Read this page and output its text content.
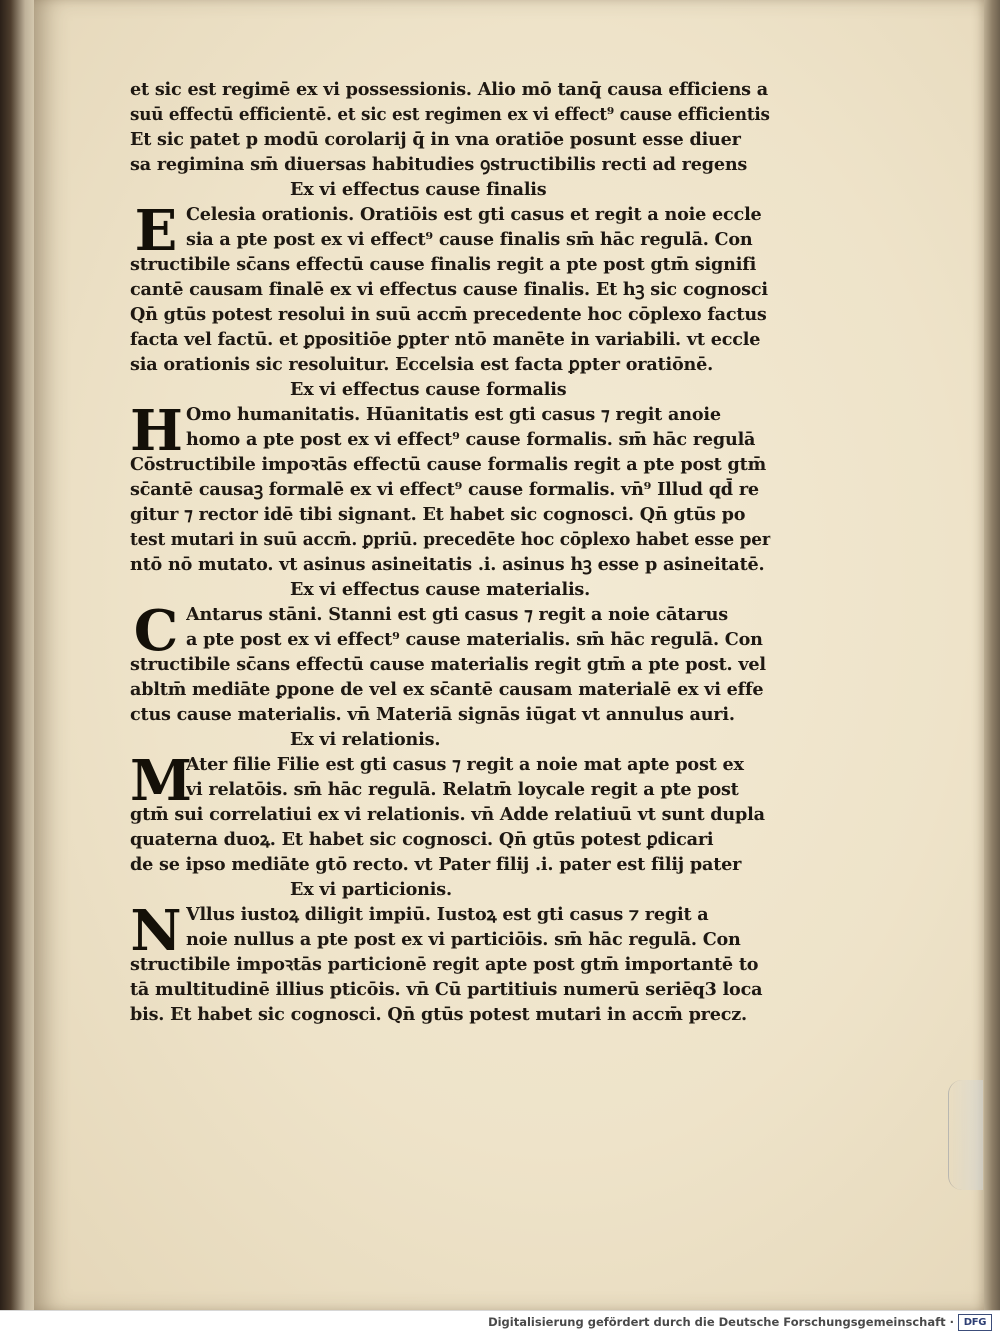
et sic est regimē ex vi possessionis. Alio mō tanq̄ causa efficiens a
suū effectū efficientē. et sic est regimen ex vi effect⁹ cause efficientis
Et sic patet p modū corolarij q̄ in vna oratiōe posunt esse diuer
sa regimina sm̄ diuersas habitudies ꝯstructibilis recti ad regens
Ex vi effectus cause finalis
E Celesia orationis. Oratiōis est gti casus et regit a noie eccle
sia a pte post ex vi effect⁹ cause finalis sm̄ hāc regulā. Con
structibile sc̄ans effectū cause finalis regit a pte post gtm̄ signifi
cantē causam finalē ex vi effectus cause finalis. Et hꝫ sic cognosci
Qn̄ gtūs potest resolui in suū accm̄ precedente hoc cōplexo factus
facta vel factū. et ꝑpositiōe ꝑpter ntō manēte in variabili. vt eccle
sia orationis sic resoluitur. Eccelsia est facta ꝑpter oratiōnē.
Ex vi effectus cause formalis
H Omo humanitatis. Hūanitatis est gti casus ⁊ regit anoie
homo a pte post ex vi effect⁹ cause formalis. sm̄ hāc regulā
Cōstructibile impoꝛtās effectū cause formalis regit a pte post gtm̄
sc̄antē causaꝫ formalē ex vi effect⁹ cause formalis. vn̄⁹ Illud qd̄ re
gitur ⁊ rector idē tibi signant. Et habet sic cognosci. Qn̄ gtūs po
test mutari in suū accm̄. ꝑpriū. precedēte hoc cōplexo habet esse per
ntō nō mutato. vt asinus asineitatis .i. asinus hꝫ esse p asineitatē.
Ex vi effectus cause materialis.
C Antarus stāni. Stanni est gti casus ⁊ regit a noie cātarus
a pte post ex vi effect⁹ cause materialis. sm̄ hāc regulā. Con
structibile sc̄ans effectū cause materialis regit gtm̄ a pte post. vel
abltm̄ mediāte ꝑpone de vel ex sc̄antē causam materialē ex vi effe
ctus cause materialis. vn̄ Materiā signās iūgat vt annulus auri.
Ex vi relationis.
M
Ater filie Filie est gti casus ⁊ regit a noie mat apte post ex
vi relatōis. sm̄ hāc regulā. Relatm̄ loycale regit a pte post
gtm̄ sui correlatiui ex vi relationis. vn̄ Adde relatiuū vt sunt dupla
quaterna duoꝝ. Et habet sic cognosci. Qn̄ gtūs potest ꝑdicari
de se ipso mediāte gtō recto. vt Pater filij .i. pater est filij pater
Ex vi particionis.
N Vllus iustoꝝ diligit impiū. Iustoꝝ est gti casus ⁊ regit a
noie nullus a pte post ex vi particiōis. sm̄ hāc regulā. Con
structibile impoꝛtās particionē regit apte post gtm̄ importantē to
tā multitudinē illius pticōis. vn̄ Cū partitiuis numerū seriēq3 loca
bis. Et habet sic cognosci. Qn̄ gtūs potest mutari in accm̄ precz.
Digitalisierung gefördert durch die Deutsche Forschungsgemeinschaft · DFG
